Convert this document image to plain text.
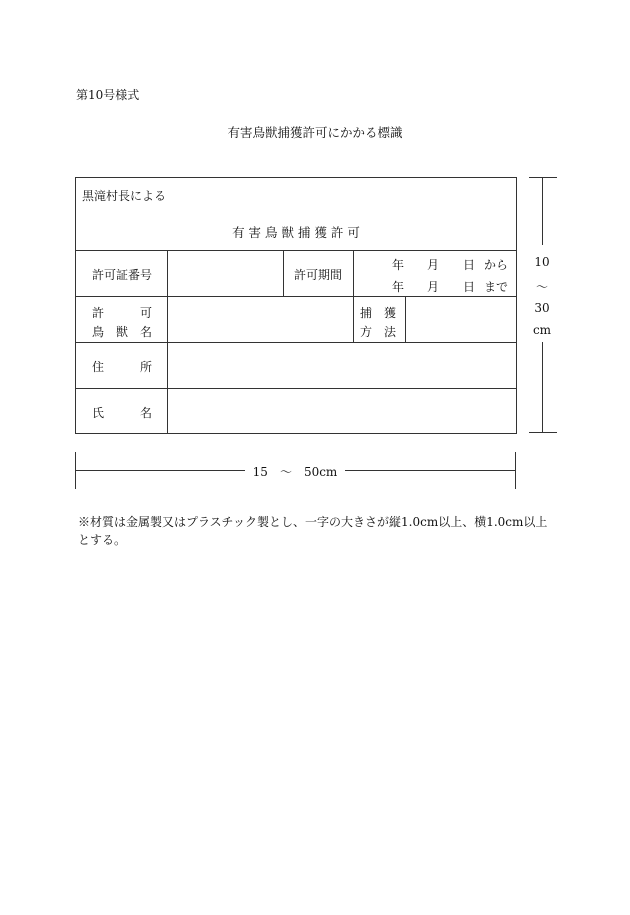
第10号様式
有害鳥獣捕獲許可にかかる標識
黒滝村長による
有 害 鳥 獣 捕 獲 許 可
許可証番号	許可期間
年 月 日 から
年 月 日 まで
許　　　可
鳥　獣　名
捕　獲
方　法
住　　　所
氏　　　名
10
～
30
cm
15　～　50cm
※材質は金属製又はプラスチック製とし、一字の大きさが縦1.0cm以上、横1.0cm以上とする。
